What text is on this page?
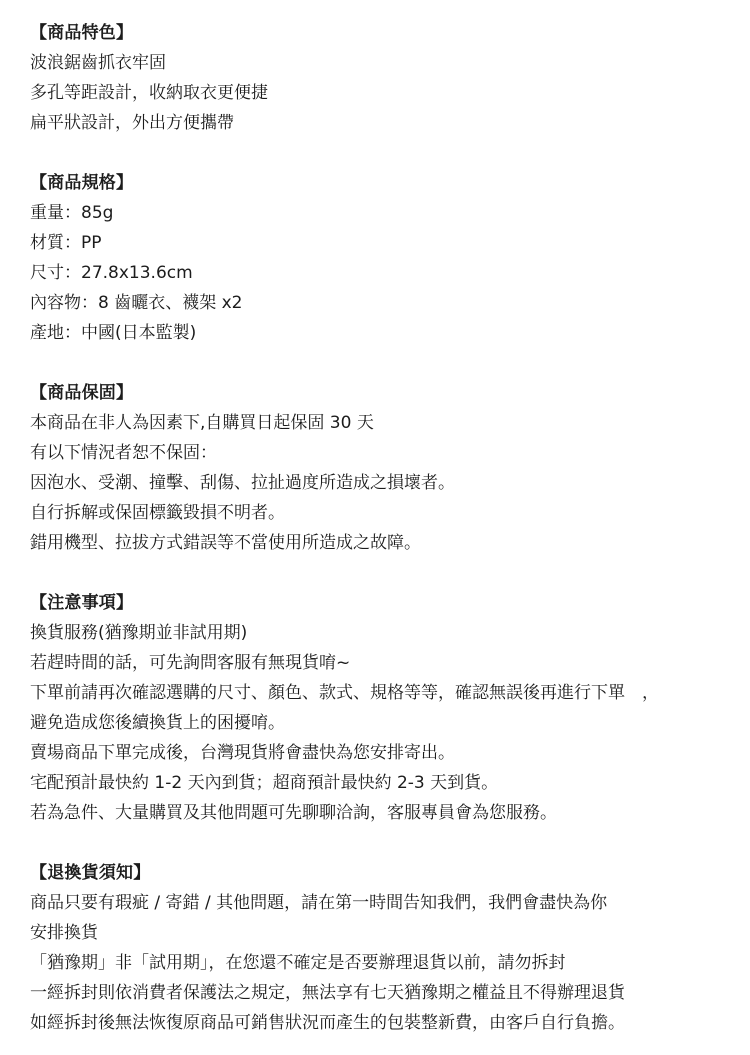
【商品特色】
波浪鋸齒抓衣牢固
多孔等距設計，收納取衣更便捷
扁平狀設計，外出方便攜帶
【商品規格】
重量：85g
材質：PP
尺寸：27.8x13.6cm
內容物：8 齒曬衣、襪架 x2
產地：中國(日本監製)
【商品保固】
本商品在非人為因素下,自購買日起保固 30 天
有以下情況者恕不保固：
因泡水、受潮、撞擊、刮傷、拉扯過度所造成之損壞者。
自行拆解或保固標籤毀損不明者。
錯用機型、拉拔方式錯誤等不當使用所造成之故障。
【注意事項】
換貨服務(猶豫期並非試用期)
若趕時間的話，可先詢問客服有無現貨唷~
下單前請再次確認選購的尺寸、顏色、款式、規格等等，確認無誤後再進行下單　，
避免造成您後續換貨上的困擾唷。
賣場商品下單完成後，台灣現貨將會盡快為您安排寄出。
宅配預計最快約 1-2 天內到貨；超商預計最快約 2-3 天到貨。
若為急件、大量購買及其他問題可先聊聊洽詢，客服專員會為您服務。
【退換貨須知】
商品只要有瑕疵 / 寄錯 / 其他問題，請在第一時間告知我們，我們會盡快為你
安排換貨
「猶豫期」非「試用期」，在您還不確定是否要辦理退貨以前，請勿拆封
一經拆封則依消費者保護法之規定，無法享有七天猶豫期之權益且不得辦理退貨
如經拆封後無法恢復原商品可銷售狀況而產生的包裝整新費，由客戶自行負擔。
